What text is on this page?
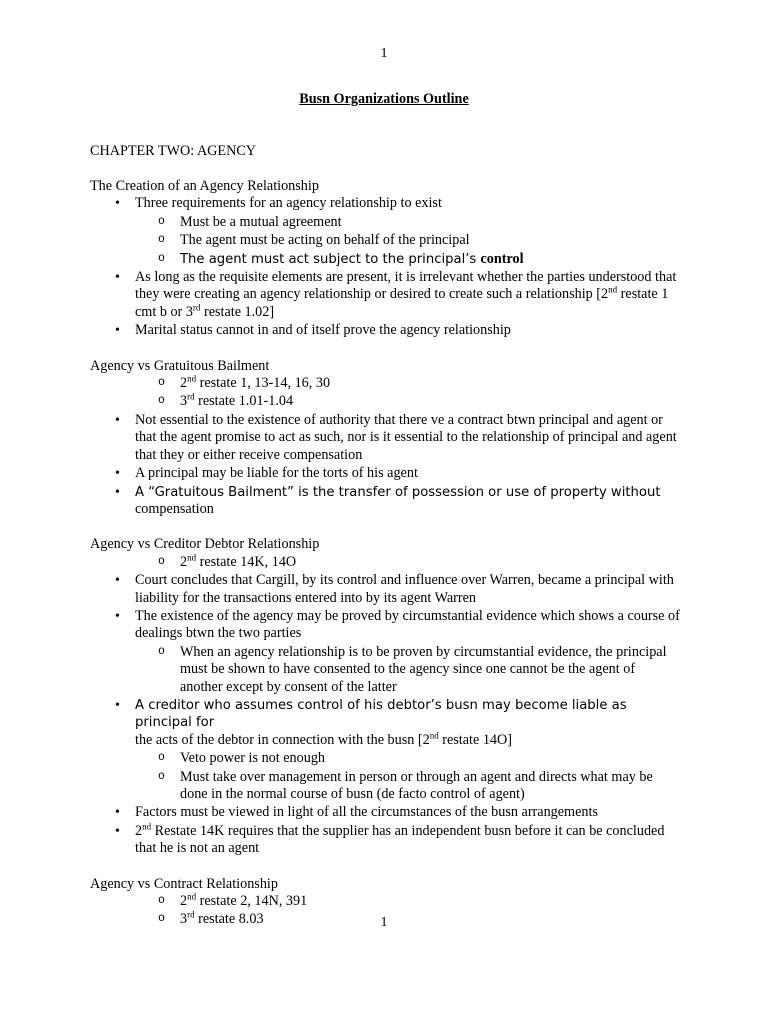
1
Busn Organizations Outline
CHAPTER TWO: AGENCY
The Creation of an Agency Relationship
• Three requirements for an agency relationship to exist
o Must be a mutual agreement
o The agent must be acting on behalf of the principal
o The agent must act subject to the principal’s control
• As long as the requisite elements are present, it is irrelevant whether the parties understood that they were creating an agency relationship or desired to create such a relationship [2nd restate 1 cmt b or 3rd restate 1.02]
• Marital status cannot in and of itself prove the agency relationship
Agency vs Gratuitous Bailment
o 2nd restate 1, 13-14, 16, 30
o 3rd restate 1.01-1.04
• Not essential to the existence of authority that there ve a contract btwn principal and agent or that the agent promise to act as such, nor is it essential to the relationship of principal and agent that they or either receive compensation
• A principal may be liable for the torts of his agent
• A “Gratuitous Bailment” is the transfer of possession or use of property without
compensation
Agency vs Creditor Debtor Relationship
o 2nd restate 14K, 14O
• Court concludes that Cargill, by its control and influence over Warren, became a principal with liability for the transactions entered into by its agent Warren
• The existence of the agency may be proved by circumstantial evidence which shows a course of dealings btwn the two parties
o When an agency relationship is to be proven by circumstantial evidence, the principal must be shown to have consented to the agency since one cannot be the agent of another except by consent of the latter
• A creditor who assumes control of his debtor’s busn may become liable as principal for
the acts of the debtor in connection with the busn [2nd restate 14O]
o Veto power is not enough
o Must take over management in person or through an agent and directs what may be done in the normal course of busn (de facto control of agent)
• Factors must be viewed in light of all the circumstances of the busn arrangements
• 2nd Restate 14K requires that the supplier has an independent busn before it can be concluded that he is not an agent
Agency vs Contract Relationship
o 2nd restate 2, 14N, 391
o 3rd restate 8.03	1
